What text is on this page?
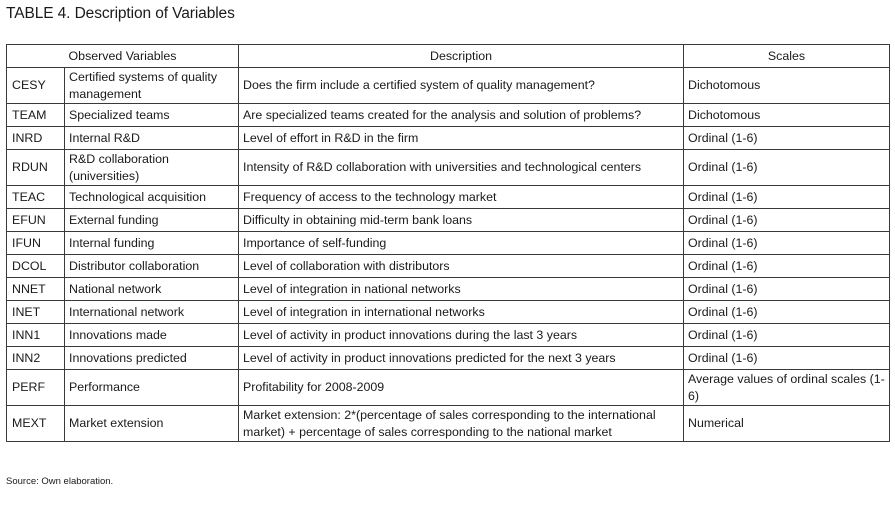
TABLE 4. Description of Variables
Observed Variables		Description	Scales
CESY	Certified systems of quality management	Does the firm include a certified system of quality management?	Dichotomous
TEAM	Specialized teams	Are specialized teams created for the analysis and solution of problems?	Dichotomous
INRD	Internal R&D	Level of effort in R&D in the firm	Ordinal (1-6)
RDUN	R&D collaboration (universities)	Intensity of R&D collaboration with universities and technological centers	Ordinal (1-6)
TEAC	Technological acquisition	Frequency of access to the technology market	Ordinal (1-6)
EFUN	External funding	Difficulty in obtaining mid-term bank loans	Ordinal (1-6)
IFUN	Internal funding	Importance of self-funding	Ordinal (1-6)
DCOL	Distributor collaboration	Level of collaboration with distributors	Ordinal (1-6)
NNET	National network	Level of integration in national networks	Ordinal (1-6)
INET	International network	Level of integration in international networks	Ordinal (1-6)
INN1	Innovations made	Level of activity in product innovations during the last 3 years	Ordinal (1-6)
INN2	Innovations predicted	Level of activity in product innovations predicted for the next 3 years	Ordinal (1-6)
PERF	Performance	Profitability for 2008-2009	Average values of ordinal scales (1-6)
MEXT	Market extension	Market extension: 2*(percentage of sales corresponding to the international market) + percentage of sales corresponding to the national market	Numerical
Source: Own elaboration.
